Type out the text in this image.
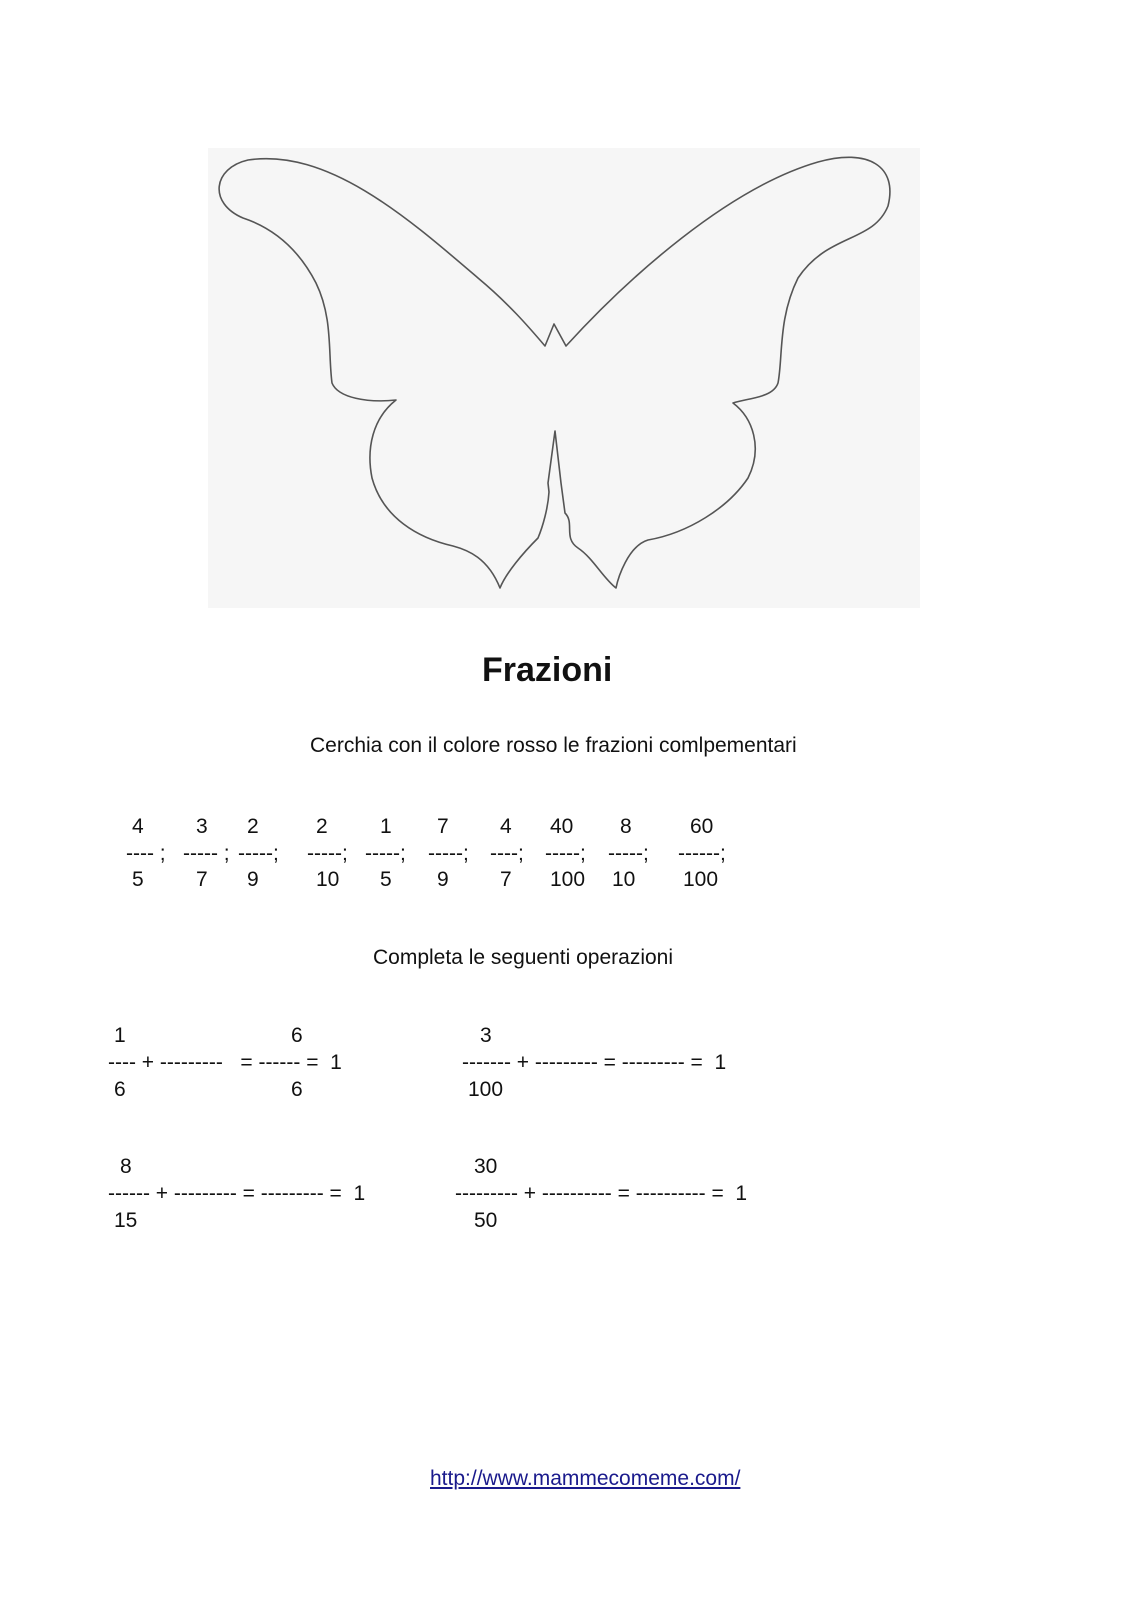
Frazioni
Cerchia con il colore rosso le frazioni comlpementari
4 3 2	2 1 7 4 40 8	60
---- ; ----- ; -----; -----; -----; -----; ----; -----; -----; ------;
5 7 9	10 5 9 7 100 10 100
Completa le seguenti operazioni
1	6
---- + ---------   = ------ =  1
6	6
3
------- + --------- = --------- =  1
100
8
------ + --------- = --------- =  1
15
30
--------- + ---------- = ---------- =  1
50
http://www.mammecomeme.com/
